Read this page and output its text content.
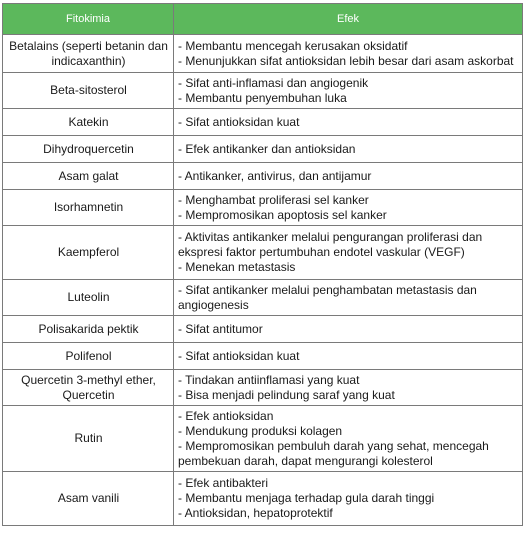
Fitokimia	Efek
Betalains (seperti betanin dan indicaxanthin)	- Membantu mencegah kerusakan oksidatif
- Menunjukkan sifat antioksidan lebih besar dari asam askorbat

Beta-sitosterol	- Sifat anti-inflamasi dan angiogenik
- Membantu penyembuhan luka

Katekin	- Sifat antioksidan kuat

Dihydroquercetin	- Efek antikanker dan antioksidan

Asam galat	- Antikanker, antivirus, dan antijamur

Isorhamnetin	- Menghambat proliferasi sel kanker
- Mempromosikan apoptosis sel kanker

Kaempferol	- Aktivitas antikanker melalui pengurangan proliferasi dan ekspresi faktor pertumbuhan endotel vaskular (VEGF)
- Menekan metastasis

Luteolin	- Sifat antikanker melalui penghambatan metastasis dan angiogenesis

Polisakarida pektik	- Sifat antitumor

Polifenol	- Sifat antioksidan kuat

Quercetin 3-methyl ether, Quercetin	- Tindakan antiinflamasi yang kuat
- Bisa menjadi pelindung saraf yang kuat

Rutin	- Efek antioksidan
- Mendukung produksi kolagen
- Mempromosikan pembuluh darah yang sehat, mencegah pembekuan darah, dapat mengurangi kolesterol

Asam vanili	- Efek antibakteri
- Membantu menjaga terhadap gula darah tinggi
- Antioksidan, hepatoprotektif
